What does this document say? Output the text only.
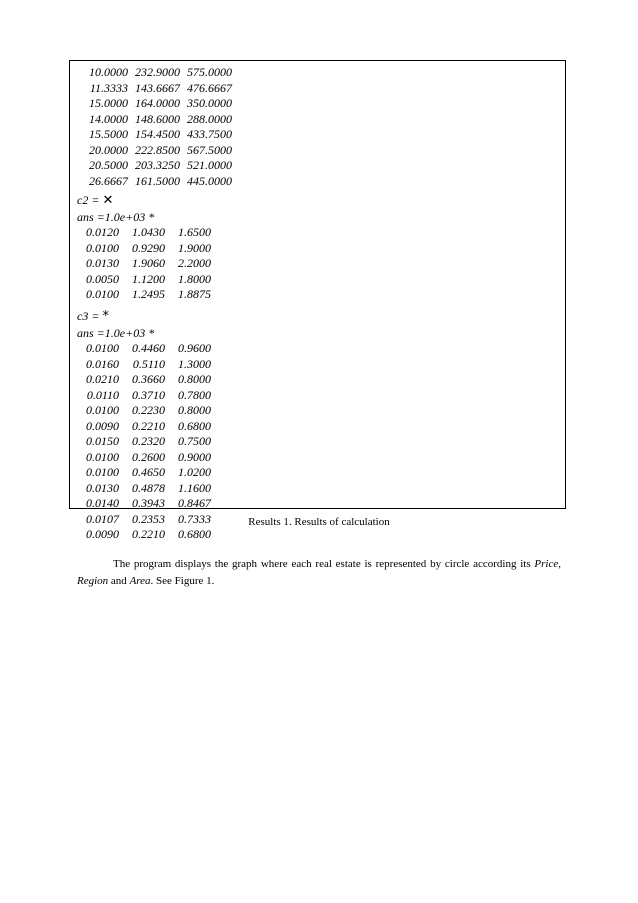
10.0000 232.9000 575.0000
11.3333 143.6667 476.6667
15.0000 164.0000 350.0000
14.0000 148.6000 288.0000
15.5000 154.4500 433.7500
20.0000 222.8500 567.5000
20.5000 203.3250 521.0000
26.6667 161.5000 445.0000
c2 = ✕
ans =1.0e+03 *
0.0120	1.0430	1.6500
0.0100	0.9290	1.9000
0.0130	1.9060	2.2000
0.0050	1.1200	1.8000
0.0100	1.2495	1.8875
c3 = *
ans =1.0e+03 *
0.0100	0.4460	0.9600
0.0160	0.5110	1.3000
0.0210	0.3660	0.8000
0.0110	0.3710	0.7800
0.0100	0.2230	0.8000
0.0090	0.2210	0.6800
0.0150	0.2320	0.7500
0.0100	0.2600	0.9000
0.0100	0.4650	1.0200
0.0130	0.4878	1.1600
0.0140	0.3943	0.8467
0.0107	0.2353	0.7333
0.0090	0.2210	0.6800
Results 1. Results of calculation

The program displays the graph where each real estate is represented by circle according its Price, Region and Area. See Figure 1.
